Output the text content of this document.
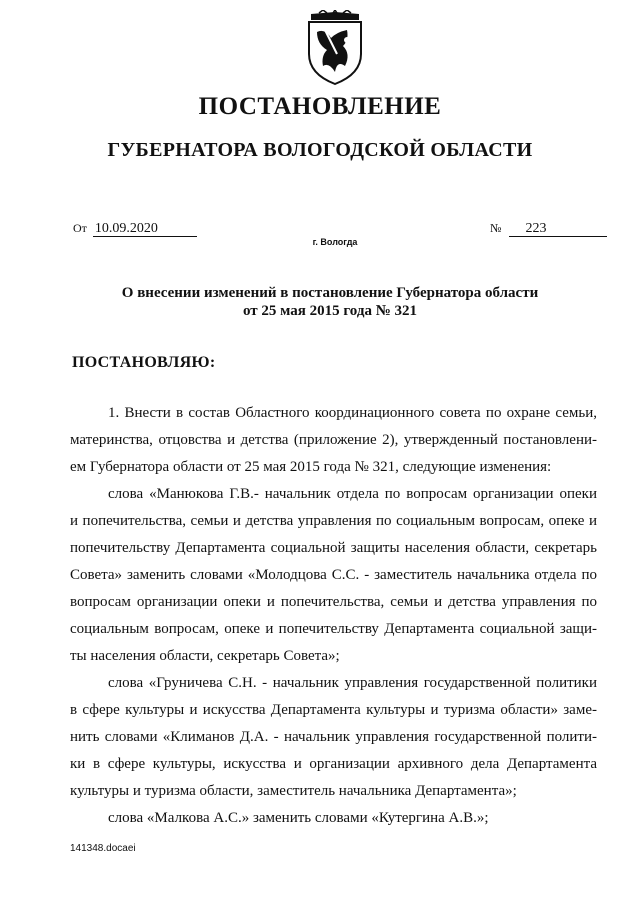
ПОСТАНОВЛЕНИЕ
ГУБЕРНАТОРА ВОЛОГОДСКОЙ ОБЛАСТИ
От 10.09.2020	№ 223
г. Вологда
О внесении изменений в постановление Губернатора области
от 25 мая 2015 года № 321
ПОСТАНОВЛЯЮ:
1. Внести в состав Областного координационного совета по охране семьи,
материнства, отцовства и детства (приложение 2), утвержденный постановлени-
ем Губернатора области от 25 мая 2015 года № 321, следующие изменения:
слова «Манюкова Г.В.- начальник отдела по вопросам организации опеки
и попечительства, семьи и детства управления по социальным вопросам, опеке и
попечительству Департамента социальной защиты населения области, секретарь
Совета» заменить словами «Молодцова С.С. - заместитель начальника отдела по
вопросам организации опеки и попечительства, семьи и детства управления по
социальным вопросам, опеке и попечительству Департамента социальной защи-
ты населения области, секретарь Совета»;
слова «Груничева С.Н. - начальник управления государственной политики
в сфере культуры и искусства Департамента культуры и туризма области» заме-
нить словами «Климанов Д.А. - начальник управления государственной полити-
ки в сфере культуры, искусства и организации архивного дела Департамента
культуры и туризма области, заместитель начальника Департамента»;
слова «Малкова А.С.» заменить словами «Кутергина А.В.»;
141348.docaei
